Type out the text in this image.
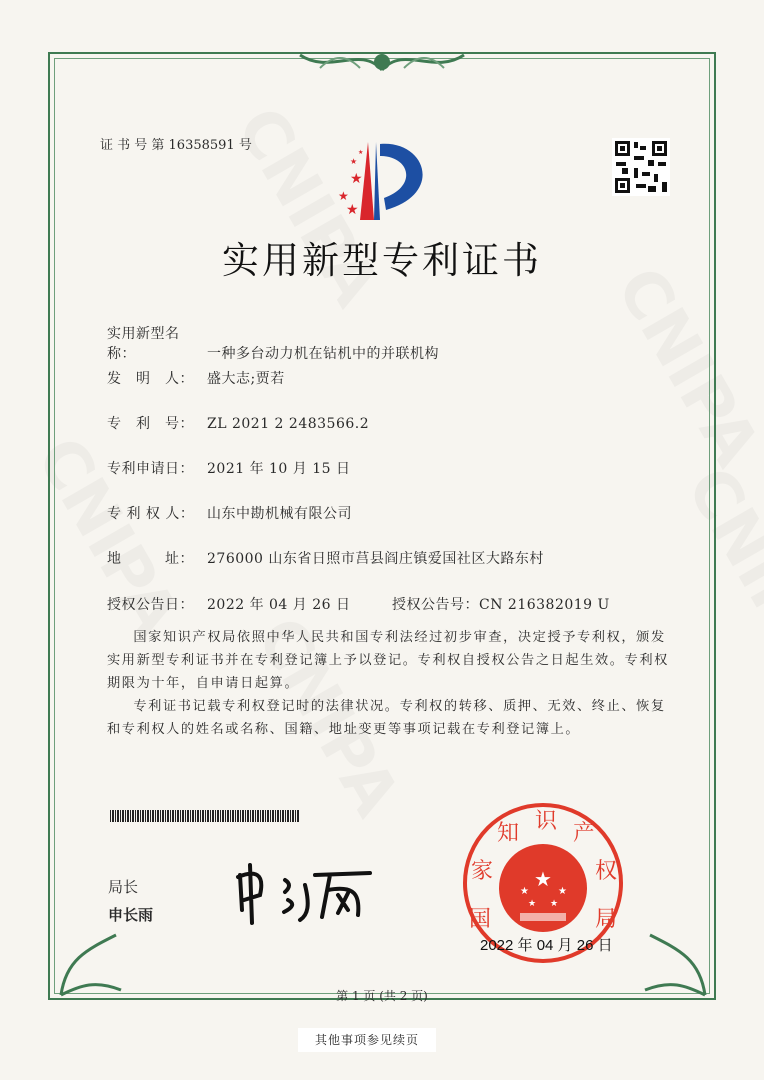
证 书 号 第 16358591 号
★
★
★
★
★
实用新型专利证书
实用新型名称：	一种多台动力机在钻机中的并联机构
发　明　人： 盛大志;贾若
专　利　号： ZL 2021 2 2483566.2
专利申请日： 2021 年 10 月 15 日
专 利 权 人： 山东中勘机械有限公司
地　　　址： 276000 山东省日照市莒县阎庄镇爱国社区大路东村
授权公告日： 2022 年 04 月 26 日	授权公告号：CN 216382019 U
国家知识产权局依照中华人民共和国专利法经过初步审查，决定授予专利权，颁发实用新型专利证书并在专利登记簿上予以登记。专利权自授权公告之日起生效。专利权期限为十年，自申请日起算。
专利证书记载专利权登记时的法律状况。专利权的转移、质押、无效、终止、恢复和专利权人的姓名或名称、国籍、地址变更等事项记载在专利登记簿上。
局长
申长雨
★
★	★
★ ★
国
家
知 识 产
权
局
2022 年 04 月 26 日
第 1 页 (共 2 页)
其他事项参见续页
